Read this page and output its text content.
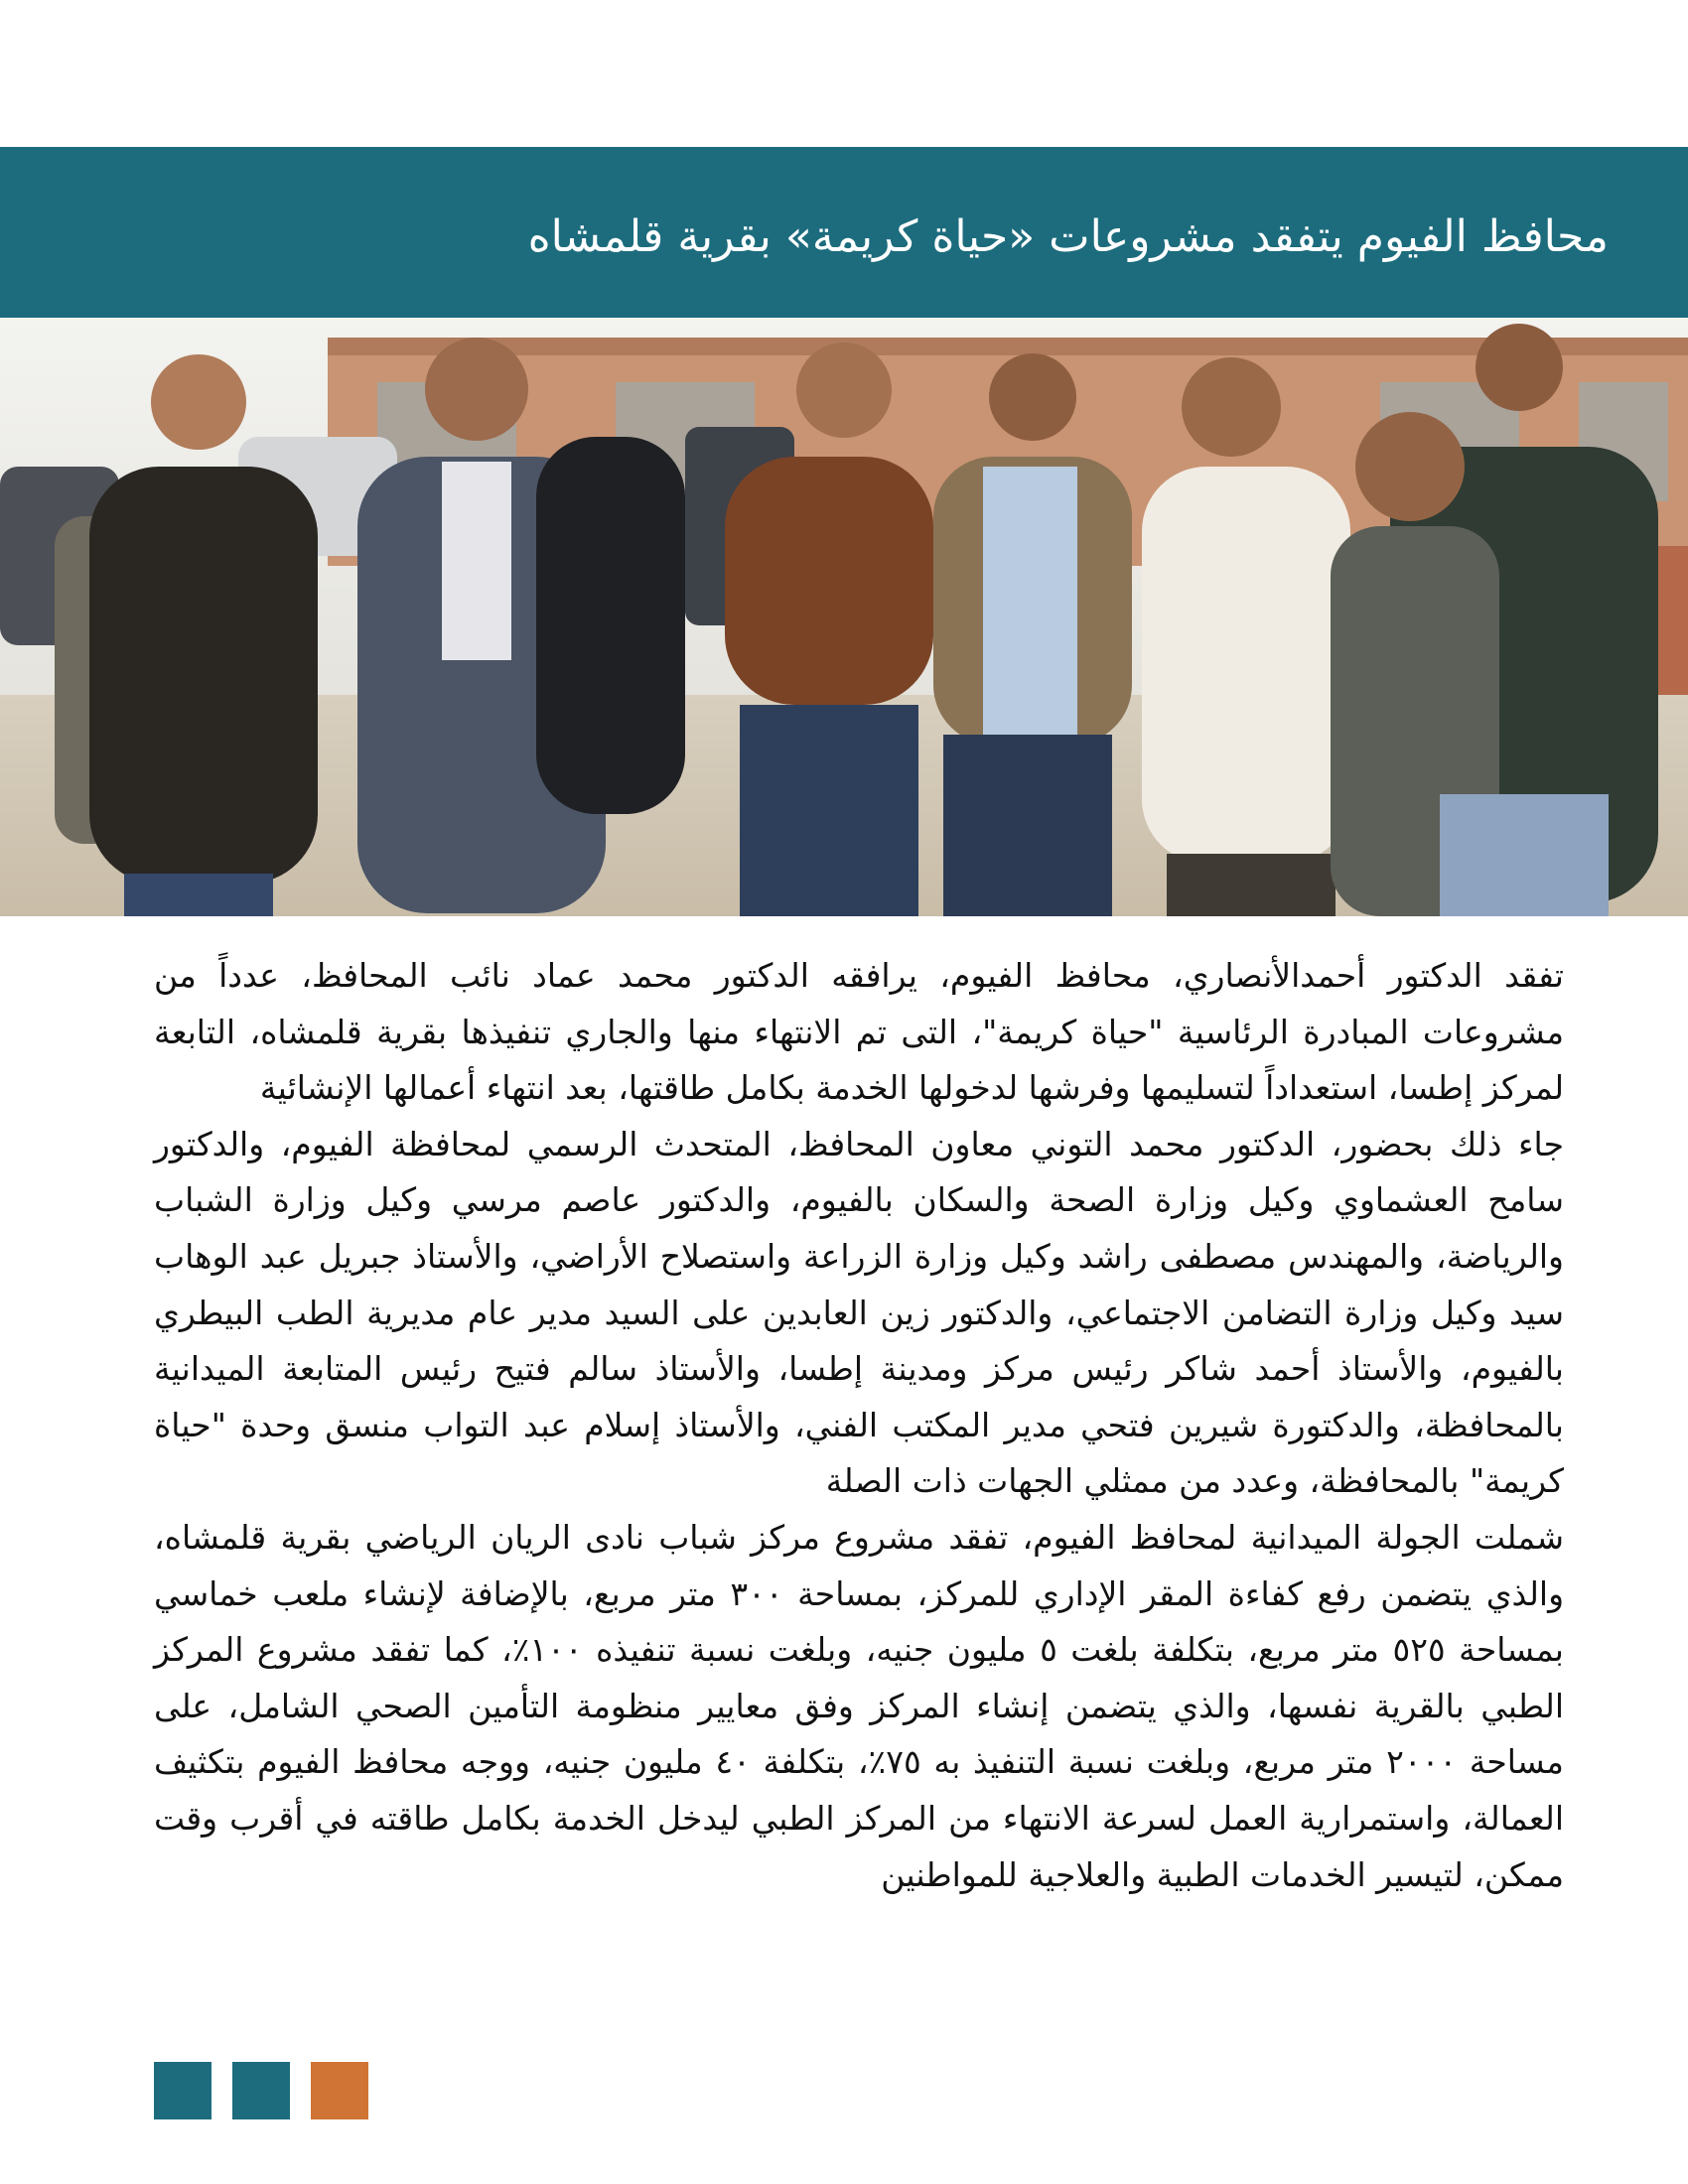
محافظ الفيوم يتفقد مشروعات «حياة كريمة» بقرية قلمشاه

تفقد الدكتور أحمدالأنصاري، محافظ الفيوم، يرافقه الدكتور محمد عماد نائب المحافظ، عدداً من مشروعات المبادرة الرئاسية "حياة كريمة"، التى تم الانتهاء منها والجاري تنفيذها بقرية قلمشاه، التابعة لمركز إطسا، استعداداً لتسليمها وفرشها لدخولها الخدمة بكامل طاقتها، بعد انتهاء أعمالها الإنشائية

جاء ذلك بحضور، الدكتور محمد التوني معاون المحافظ، المتحدث الرسمي لمحافظة الفيوم، والدكتور سامح العشماوي وكيل وزارة الصحة والسكان بالفيوم، والدكتور عاصم مرسي وكيل وزارة الشباب والرياضة، والمهندس مصطفى راشد وكيل وزارة الزراعة واستصلاح الأراضي، والأستاذ جبريل عبد الوهاب سيد وكيل وزارة التضامن الاجتماعي، والدكتور زين العابدين على السيد مدير عام مديرية الطب البيطري بالفيوم، والأستاذ أحمد شاكر رئيس مركز ومدينة إطسا، والأستاذ سالم فتيح رئيس المتابعة الميدانية بالمحافظة، والدكتورة شيرين فتحي مدير المكتب الفني، والأستاذ إسلام عبد التواب منسق وحدة "حياة كريمة" بالمحافظة، وعدد من ممثلي الجهات ذات الصلة

شملت الجولة الميدانية لمحافظ الفيوم، تفقد مشروع مركز شباب نادى الريان الرياضي بقرية قلمشاه، والذي يتضمن رفع كفاءة المقر الإداري للمركز، بمساحة ٣٠٠ متر مربع، بالإضافة لإنشاء ملعب خماسي بمساحة ٥٢٥ متر مربع، بتكلفة بلغت ٥ مليون جنيه، وبلغت نسبة تنفيذه ١٠٠٪، كما تفقد مشروع المركز الطبي بالقرية نفسها، والذي يتضمن إنشاء المركز وفق معايير منظومة التأمين الصحي الشامل، على مساحة ٢٠٠٠ متر مربع، وبلغت نسبة التنفيذ به ٧٥٪، بتكلفة ٤٠ مليون جنيه، ووجه محافظ الفيوم بتكثيف العمالة، واستمرارية العمل لسرعة الانتهاء من المركز الطبي ليدخل الخدمة بكامل طاقته في أقرب وقت ممكن، لتيسير الخدمات الطبية والعلاجية للمواطنين
